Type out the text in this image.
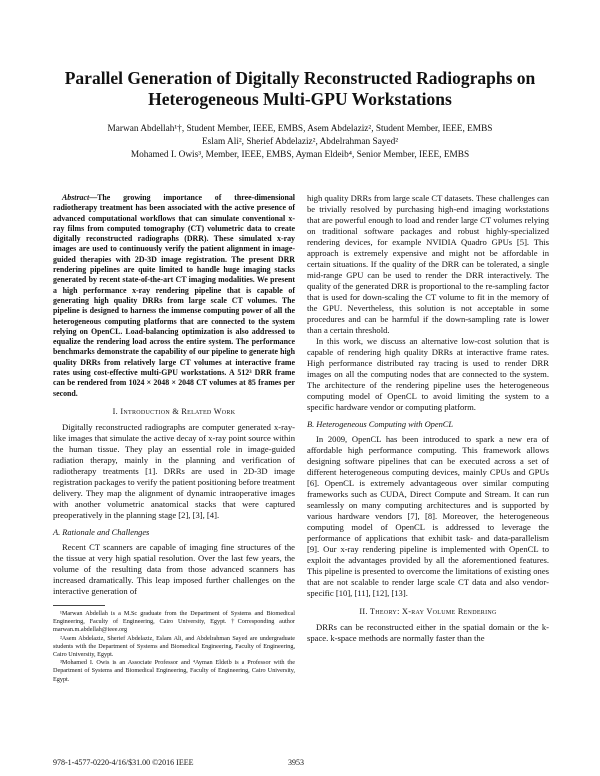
Parallel Generation of Digitally Reconstructed Radiographs on Heterogeneous Multi-GPU Workstations
Marwan Abdellah¹†, Student Member, IEEE, EMBS, Asem Abdelaziz², Student Member, IEEE, EMBS
Eslam Ali², Sherief Abdelaziz², Abdelrahman Sayed²
Mohamed I. Owis³, Member, IEEE, EMBS, Ayman Eldeib⁴, Senior Member, IEEE, EMBS

Abstract—The growing importance of three-dimensional radiotherapy treatment has been associated with the active presence of advanced computational workflows that can simulate conventional x-ray films from computed tomography (CT) volumetric data to create digitally reconstructed radiographs (DRR). These simulated x-ray images are used to continuously verify the patient alignment in image-guided therapies with 2D-3D image registration. The present DRR rendering pipelines are quite limited to handle huge imaging stacks generated by recent state-of-the-art CT imaging modalities. We present a high performance x-ray rendering pipeline that is capable of generating high quality DRRs from large scale CT volumes. The pipeline is designed to harness the immense computing power of all the heterogeneous computing platforms that are connected to the system relying on OpenCL. Load-balancing optimization is also addressed to equalize the rendering load across the entire system. The performance benchmarks demonstrate the capability of our pipeline to generate high quality DRRs from relatively large CT volumes at interactive frame rates using cost-effective multi-GPU workstations. A 512³ DRR frame can be rendered from 1024 × 2048 × 2048 CT volumes at 85 frames per second.

I. Introduction & Related Work

Digitally reconstructed radiographs are computer generated x-ray-like images that simulate the active decay of x-ray point source within the human tissue. They play an essential role in image-guided radiation therapy, mainly in the planning and verification of radiotherapy treatments [1]. DRRs are used in 2D-3D image registration packages to verify the patient positioning before treatment delivery. They map the alignment of dynamic intraoperative images with another volumetric anatomical stacks that were captured preoperatively in the planning stage [2], [3], [4].

A. Rationale and Challenges

Recent CT scanners are capable of imaging fine structures of the the tissue at very high spatial resolution. Over the last few years, the volume of the resulting data from those advanced scanners has increased dramatically. This leap imposed further challenges on the interactive generation of

¹Marwan Abdellah is a M.Sc graduate from the Department of Systems and Biomedical Engineering, Faculty of Engineering, Cairo University, Egypt. †Corresponding author marwan.m.abdellah@ieee.org

²Asem Abdelaziz, Sherief Abdelaziz, Eslam Ali, and Abdelrahman Sayed are undergraduate students with the Department of Systems and Biomedical Engineering, Faculty of Engineering, Cairo University, Egypt.

³Mohamed I. Owis is an Associate Professor and ⁴Ayman Eldeib is a Professor with the Department of Systems and Biomedical Engineering, Faculty of Engineering, Cairo University, Egypt.

high quality DRRs from large scale CT datasets. These challenges can be trivially resolved by purchasing high-end imaging workstations that are powerful enough to load and render large CT volumes relying on traditional software packages and robust highly-specialized rendering devices, for example NVIDIA Quadro GPUs [5]. This approach is extremely expensive and might not be affordable in certain situations. If the quality of the DRR can be tolerated, a single mid-range GPU can be used to render the DRR interactively. The quality of the generated DRR is proportional to the re-sampling factor that is used for down-scaling the CT volume to fit in the memory of the GPU. Nevertheless, this solution is not acceptable in some procedures and can be harmful if the down-sampling rate is lower than a certain threshold.

In this work, we discuss an alternative low-cost solution that is capable of rendering high quality DRRs at interactive frame rates. High performance distributed ray tracing is used to render DRR images on all the computing nodes that are connected to the system. The architecture of the rendering pipeline uses the heterogeneous computing model of OpenCL to avoid limiting the system to a specific hardware vendor or computing platform.

B. Heterogeneous Computing with OpenCL

In 2009, OpenCL has been introduced to spark a new era of affordable high performance computing. This framework allows designing software pipelines that can be executed across a set of different heterogeneous computing devices, mainly CPUs and GPUs [6]. OpenCL is extremely advantageous over similar computing frameworks such as CUDA, Direct Compute and Stream. It can run seamlessly on many computing architectures and is supported by various hardware vendors [7], [8]. Moreover, the heterogeneous computing model of OpenCL is addressed to leverage the performance of applications that exhibit task- and data-parallelism [9]. Our x-ray rendering pipeline is implemented with OpenCL to exploit the advantages provided by all the aforementioned features. This pipeline is presented to overcome the limitations of existing ones that are not scalable to render large scale CT data and also vendor-specific [10], [11], [12], [13].

II. Theory: X-ray Volume Rendering

DRRs can be reconstructed either in the spatial domain or the k-space. k-space methods are normally faster than the

978-1-4577-0220-4/16/$31.00 ©2016 IEEE	3953
